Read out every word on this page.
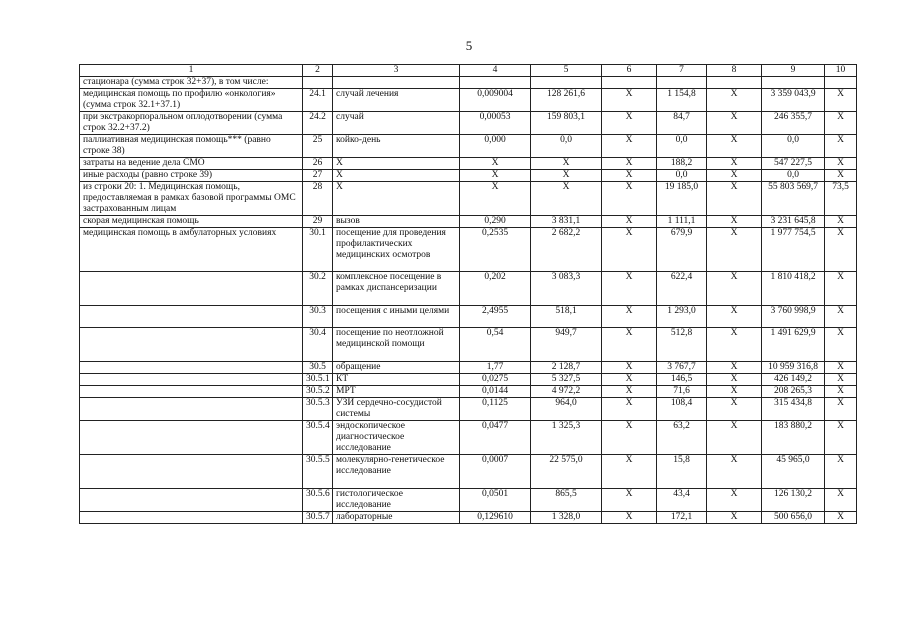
5
1	2	3	4	5	6	7	8	9	10
стационара (сумма строк 32+37), в том числе:									
медицинская помощь по профилю «онкология» (сумма строк 32.1+37.1)	24.1	случай лечения	0,009004	128 261,6	X	1 154,8	X	3 359 043,9	X
при экстракорпоральном оплодотворении (сумма строк 32.2+37.2)	24.2	случай	0,00053	159 803,1	X	84,7	X	246 355,7	X
паллиативная медицинская помощь*** (равно строке 38)	25	койко-день	0,000	0,0	X	0,0	X	0,0	X
затраты на ведение дела СМО	26	X	X	X	X	188,2	X	547 227,5	X
иные расходы (равно строке 39)	27	X	X	X	X	0,0	X	0,0	X
из строки 20: 1. Медицинская помощь, предоставляемая в рамках базовой программы ОМС застрахованным лицам	28	X	X	X	X	19 185,0	X	55 803 569,7	73,5
скорая медицинская помощь	29	вызов	0,290	3 831,1	X	1 111,1	X	3 231 645,8	X
медицинская помощь в амбулаторных условиях	30.1	посещение для проведения профилактических медицинских осмотров	0,2535	2 682,2	X	679,9	X	1 977 754,5	X
	30.2	комплексное посещение в рамках диспансеризации	0,202	3 083,3	X	622,4	X	1 810 418,2	X
	30.3	посещения с иными целями	2,4955	518,1	X	1 293,0	X	3 760 998,9	X
	30.4	посещение по неотложной медицинской помощи	0,54	949,7	X	512,8	X	1 491 629,9	X
	30.5	обращение	1,77	2 128,7	X	3 767,7	X	10 959 316,8	X
	30.5.1	КТ	0,0275	5 327,5	X	146,5	X	426 149,2	X
	30.5.2	МРТ	0,0144	4 972,2	X	71,6	X	208 265,3	X
	30.5.3	УЗИ сердечно-сосудистой системы	0,1125	964,0	X	108,4	X	315 434,8	X
	30.5.4	эндоскопическое диагностическое исследование	0,0477	1 325,3	X	63,2	X	183 880,2	X
	30.5.5	молекулярно-генетическое исследование	0,0007	22 575,0	X	15,8	X	45 965,0	X
	30.5.6	гистологическое исследование	0,0501	865,5	X	43,4	X	126 130,2	X
	30.5.7	лабораторные	0,129610	1 328,0	X	172,1	X	500 656,0	X
